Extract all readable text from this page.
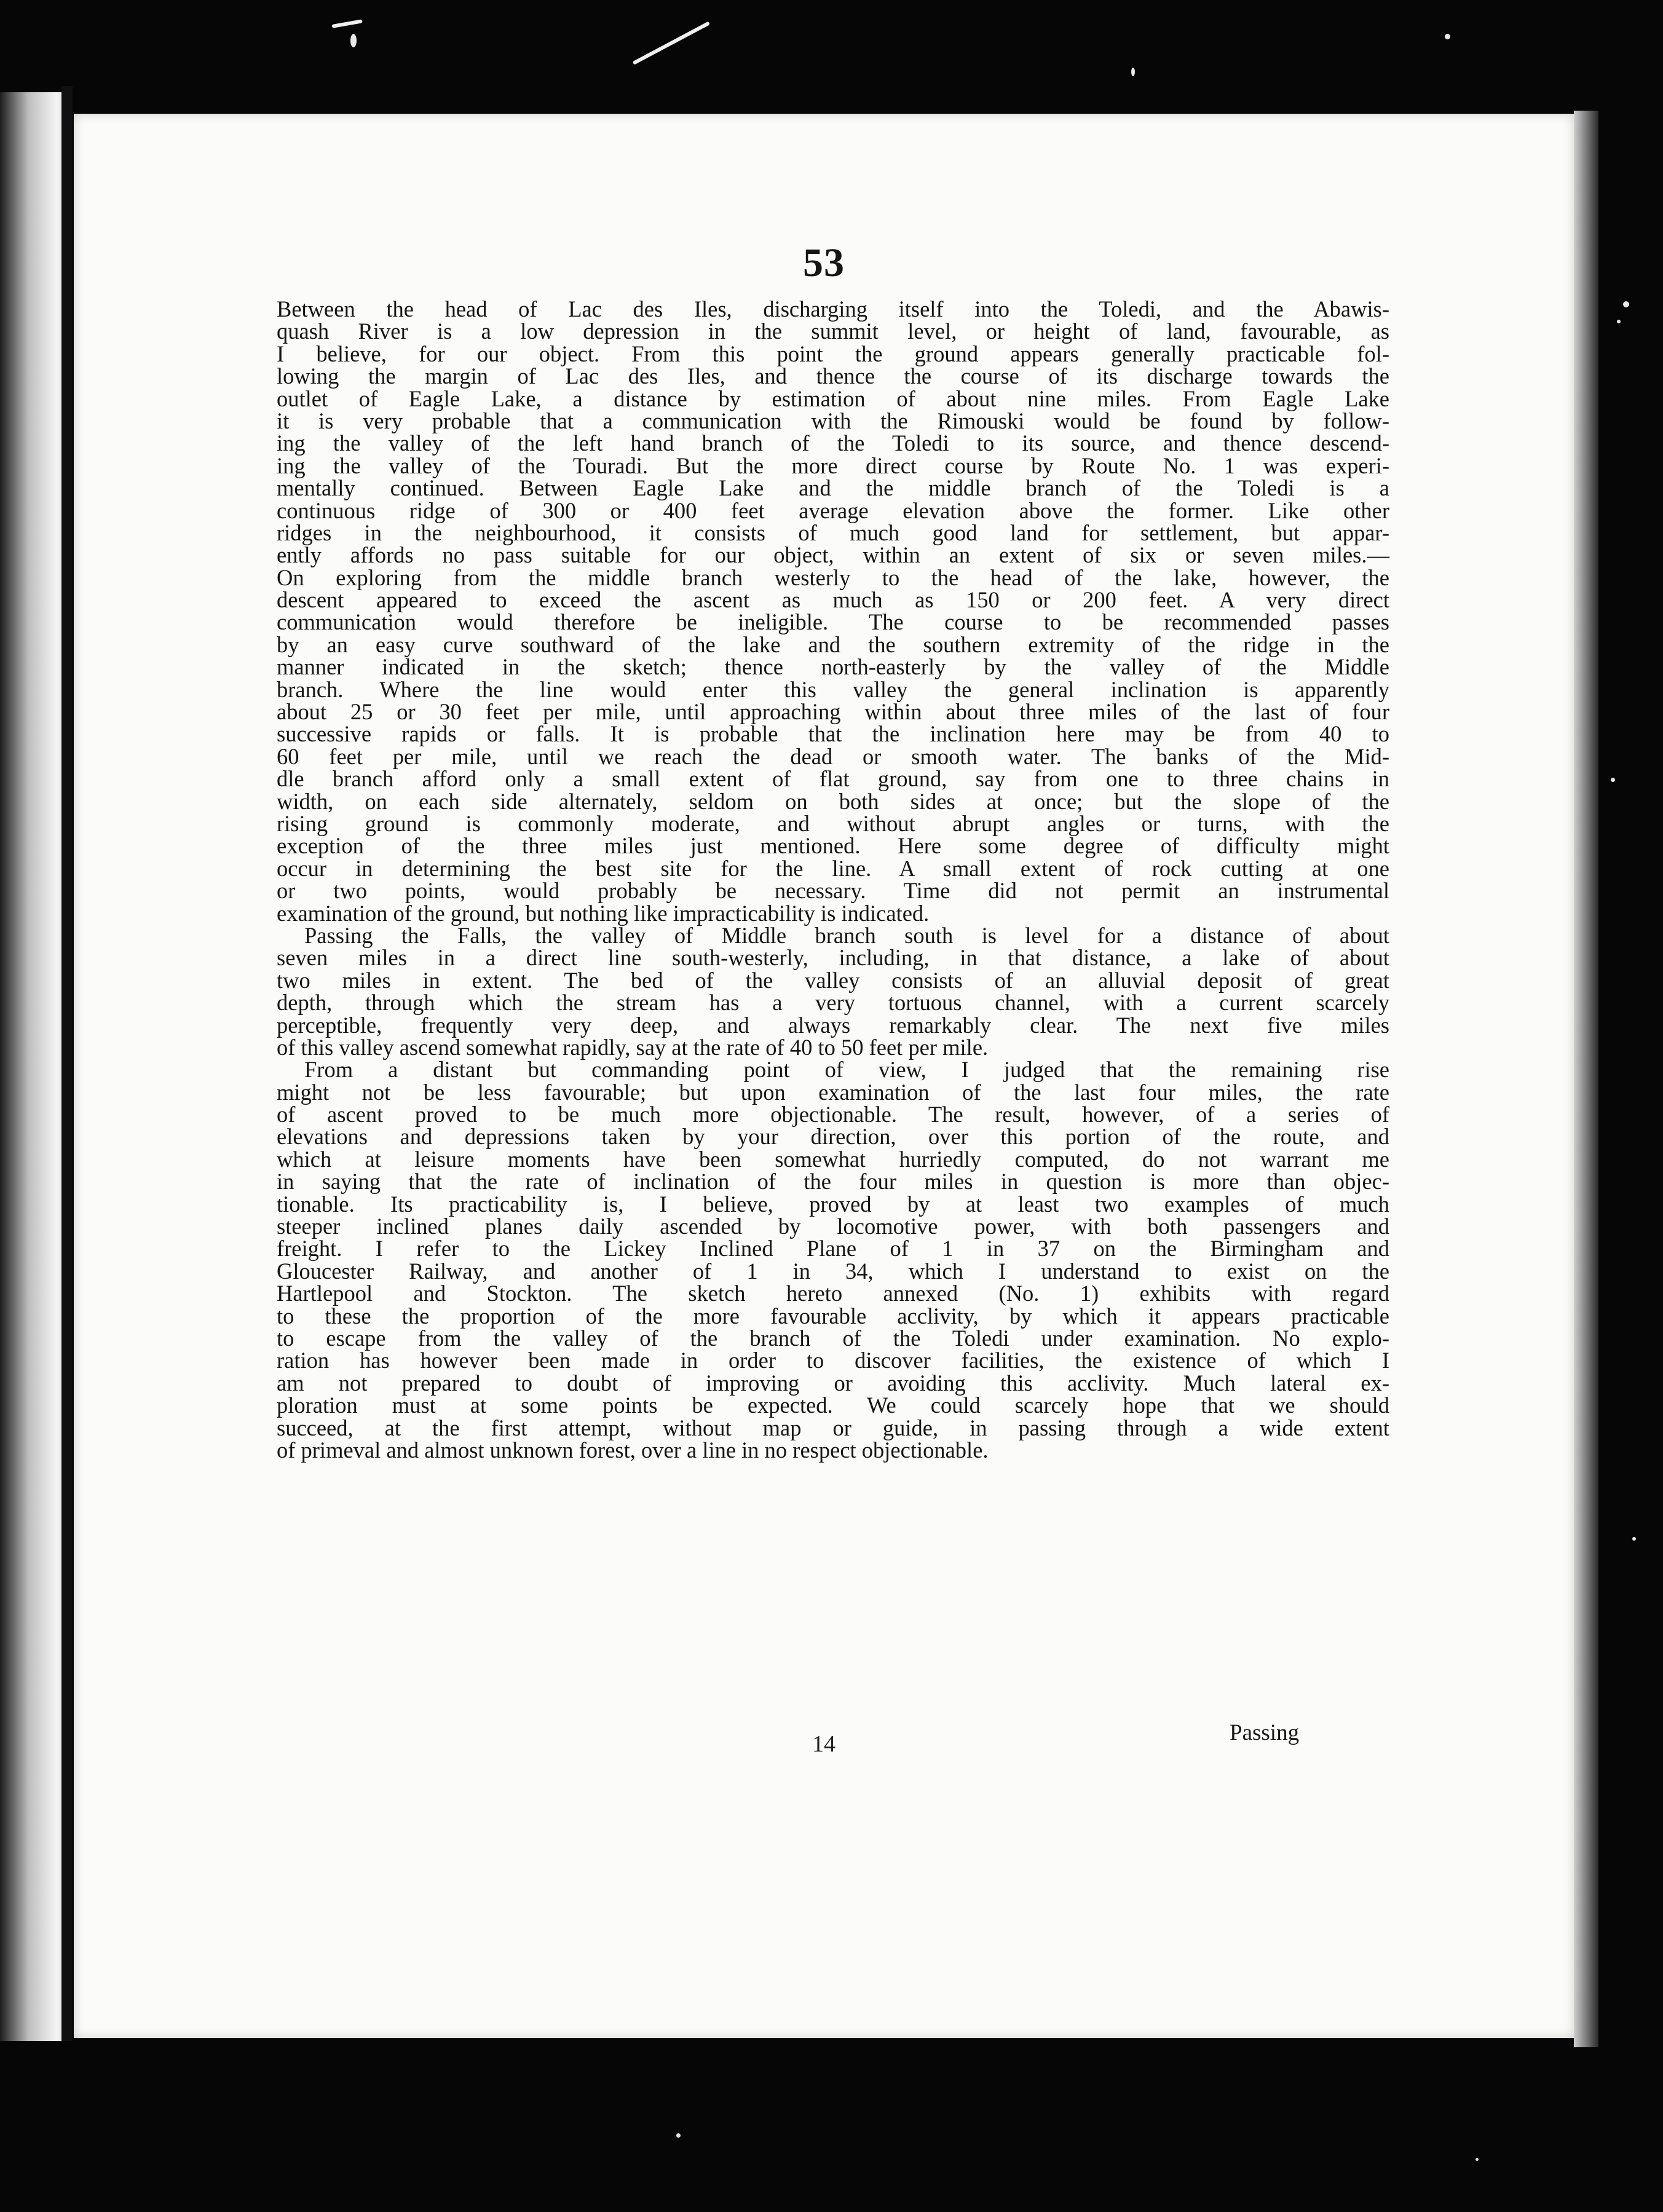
53
Between the head of Lac des Iles, discharging itself into the Toledi, and the Abawis-
quash River is a low depression in the summit level, or height of land, favourable, as
I believe, for our object. From this point the ground appears generally practicable fol-
lowing the margin of Lac des Iles, and thence the course of its discharge towards the
outlet of Eagle Lake, a distance by estimation of about nine miles. From Eagle Lake
it is very probable that a communication with the Rimouski would be found by follow-
ing the valley of the left hand branch of the Toledi to its source, and thence descend-
ing the valley of the Touradi. But the more direct course by Route No. 1 was experi-
mentally continued. Between Eagle Lake and the middle branch of the Toledi is a
continuous ridge of 300 or 400 feet average elevation above the former. Like other
ridges in the neighbourhood, it consists of much good land for settlement, but appar-
ently affords no pass suitable for our object, within an extent of six or seven miles.—
On exploring from the middle branch westerly to the head of the lake, however, the
descent appeared to exceed the ascent as much as 150 or 200 feet. A very direct
communication would therefore be ineligible. The course to be recommended passes
by an easy curve southward of the lake and the southern extremity of the ridge in the
manner indicated in the sketch; thence north-easterly by the valley of the Middle
branch. Where the line would enter this valley the general inclination is apparently
about 25 or 30 feet per mile, until approaching within about three miles of the last of four
successive rapids or falls. It is probable that the inclination here may be from 40 to
60 feet per mile, until we reach the dead or smooth water. The banks of the Mid-
dle branch afford only a small extent of flat ground, say from one to three chains in
width, on each side alternately, seldom on both sides at once; but the slope of the
rising ground is commonly moderate, and without abrupt angles or turns, with the
exception of the three miles just mentioned. Here some degree of difficulty might
occur in determining the best site for the line. A small extent of rock cutting at one
or two points, would probably be necessary. Time did not permit an instrumental
examination of the ground, but nothing like impracticability is indicated.
Passing the Falls, the valley of Middle branch south is level for a distance of about
seven miles in a direct line south-westerly, including, in that distance, a lake of about
two miles in extent. The bed of the valley consists of an alluvial deposit of great
depth, through which the stream has a very tortuous channel, with a current scarcely
perceptible, frequently very deep, and always remarkably clear. The next five miles
of this valley ascend somewhat rapidly, say at the rate of 40 to 50 feet per mile.
From a distant but commanding point of view, I judged that the remaining rise
might not be less favourable; but upon examination of the last four miles, the rate
of ascent proved to be much more objectionable. The result, however, of a series of
elevations and depressions taken by your direction, over this portion of the route, and
which at leisure moments have been somewhat hurriedly computed, do not warrant me
in saying that the rate of inclination of the four miles in question is more than objec-
tionable. Its practicability is, I believe, proved by at least two examples of much
steeper inclined planes daily ascended by locomotive power, with both passengers and
freight. I refer to the Lickey Inclined Plane of 1 in 37 on the Birmingham and
Gloucester Railway, and another of 1 in 34, which I understand to exist on the
Hartlepool and Stockton. The sketch hereto annexed (No. 1) exhibits with regard
to these the proportion of the more favourable acclivity, by which it appears practicable
to escape from the valley of the branch of the Toledi under examination. No explo-
ration has however been made in order to discover facilities, the existence of which I
am not prepared to doubt of improving or avoiding this acclivity. Much lateral ex-
ploration must at some points be expected. We could scarcely hope that we should
succeed, at the first attempt, without map or guide, in passing through a wide extent
of primeval and almost unknown forest, over a line in no respect objectionable.
Passing
14
